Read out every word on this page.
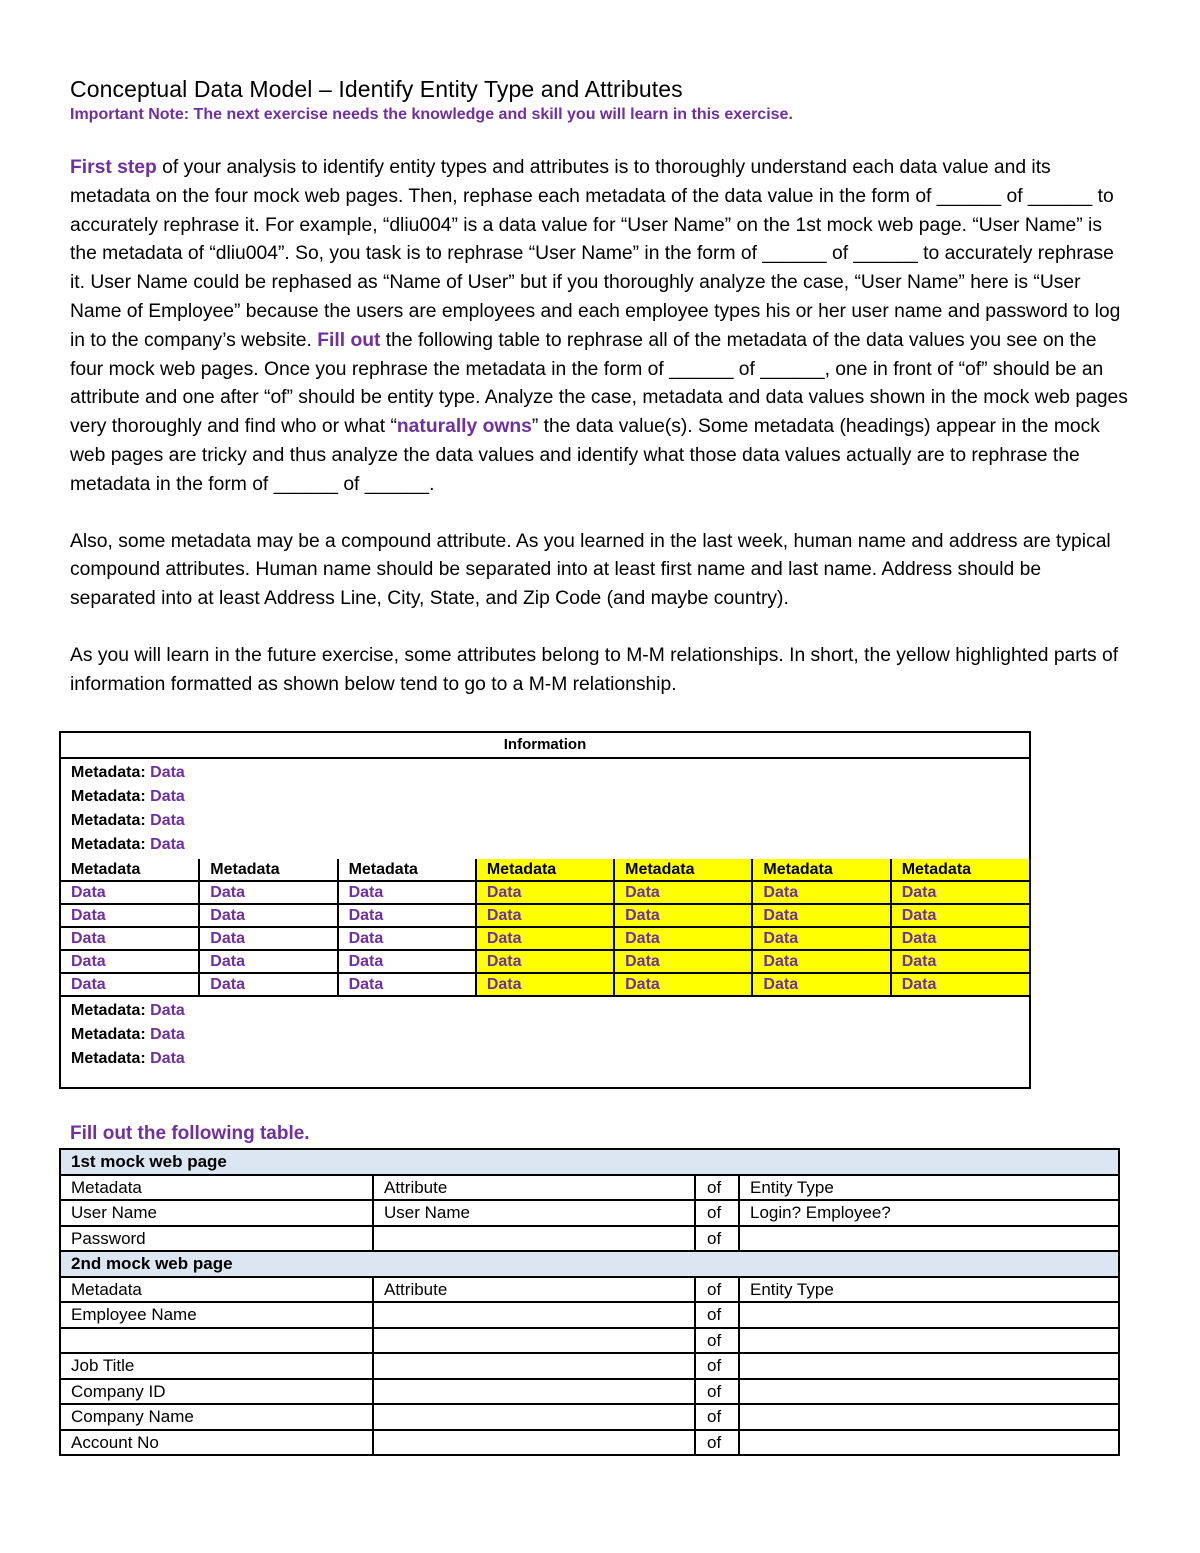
Conceptual Data Model – Identify Entity Type and Attributes

Important Note: The next exercise needs the knowledge and skill you will learn in this exercise.

First step of your analysis to identify entity types and attributes is to thoroughly understand each data value and its metadata on the four mock web pages. Then, rephase each metadata of the data value in the form of ______ of ______ to accurately rephrase it. For example, “dliu004” is a data value for “User Name” on the 1st mock web page. “User Name” is the metadata of “dliu004”. So, you task is to rephrase “User Name” in the form of ______ of ______ to accurately rephrase it. User Name could be rephased as “Name of User” but if you thoroughly analyze the case, “User Name” here is “User Name of Employee” because the users are employees and each employee types his or her user name and password to log in to the company’s website. Fill out the following table to rephrase all of the metadata of the data values you see on the four mock web pages. Once you rephrase the metadata in the form of ______ of ______, one in front of “of” should be an attribute and one after “of” should be entity type. Analyze the case, metadata and data values shown in the mock web pages very thoroughly and find who or what “naturally owns” the data value(s). Some metadata (headings) appear in the mock web pages are tricky and thus analyze the data values and identify what those data values actually are to rephrase the metadata in the form of ______ of ______.

Also, some metadata may be a compound attribute. As you learned in the last week, human name and address are typical compound attributes. Human name should be separated into at least first name and last name. Address should be separated into at least Address Line, City, State, and Zip Code (and maybe country).

As you will learn in the future exercise, some attributes belong to M-M relationships. In short, the yellow highlighted parts of information formatted as shown below tend to go to a M-M relationship.

Information
Metadata: Data
Metadata: Data
Metadata: Data
Metadata: Data
Metadata	Metadata	Metadata	Metadata	Metadata	Metadata	Metadata
Data	Data	Data	Data	Data	Data	Data
Data	Data	Data	Data	Data	Data	Data
Data	Data	Data	Data	Data	Data	Data
Data	Data	Data	Data	Data	Data	Data
Data	Data	Data	Data	Data	Data	Data
Metadata: Data
Metadata: Data
Metadata: Data
Fill out the following table.
1st mock web page			
Metadata	Attribute	of	Entity Type
User Name	User Name	of	Login? Employee?
Password		of	
2nd mock web page			
Metadata	Attribute	of	Entity Type
Employee Name		of	
		of	
Job Title		of	
Company ID		of	
Company Name		of	
Account No		of	
